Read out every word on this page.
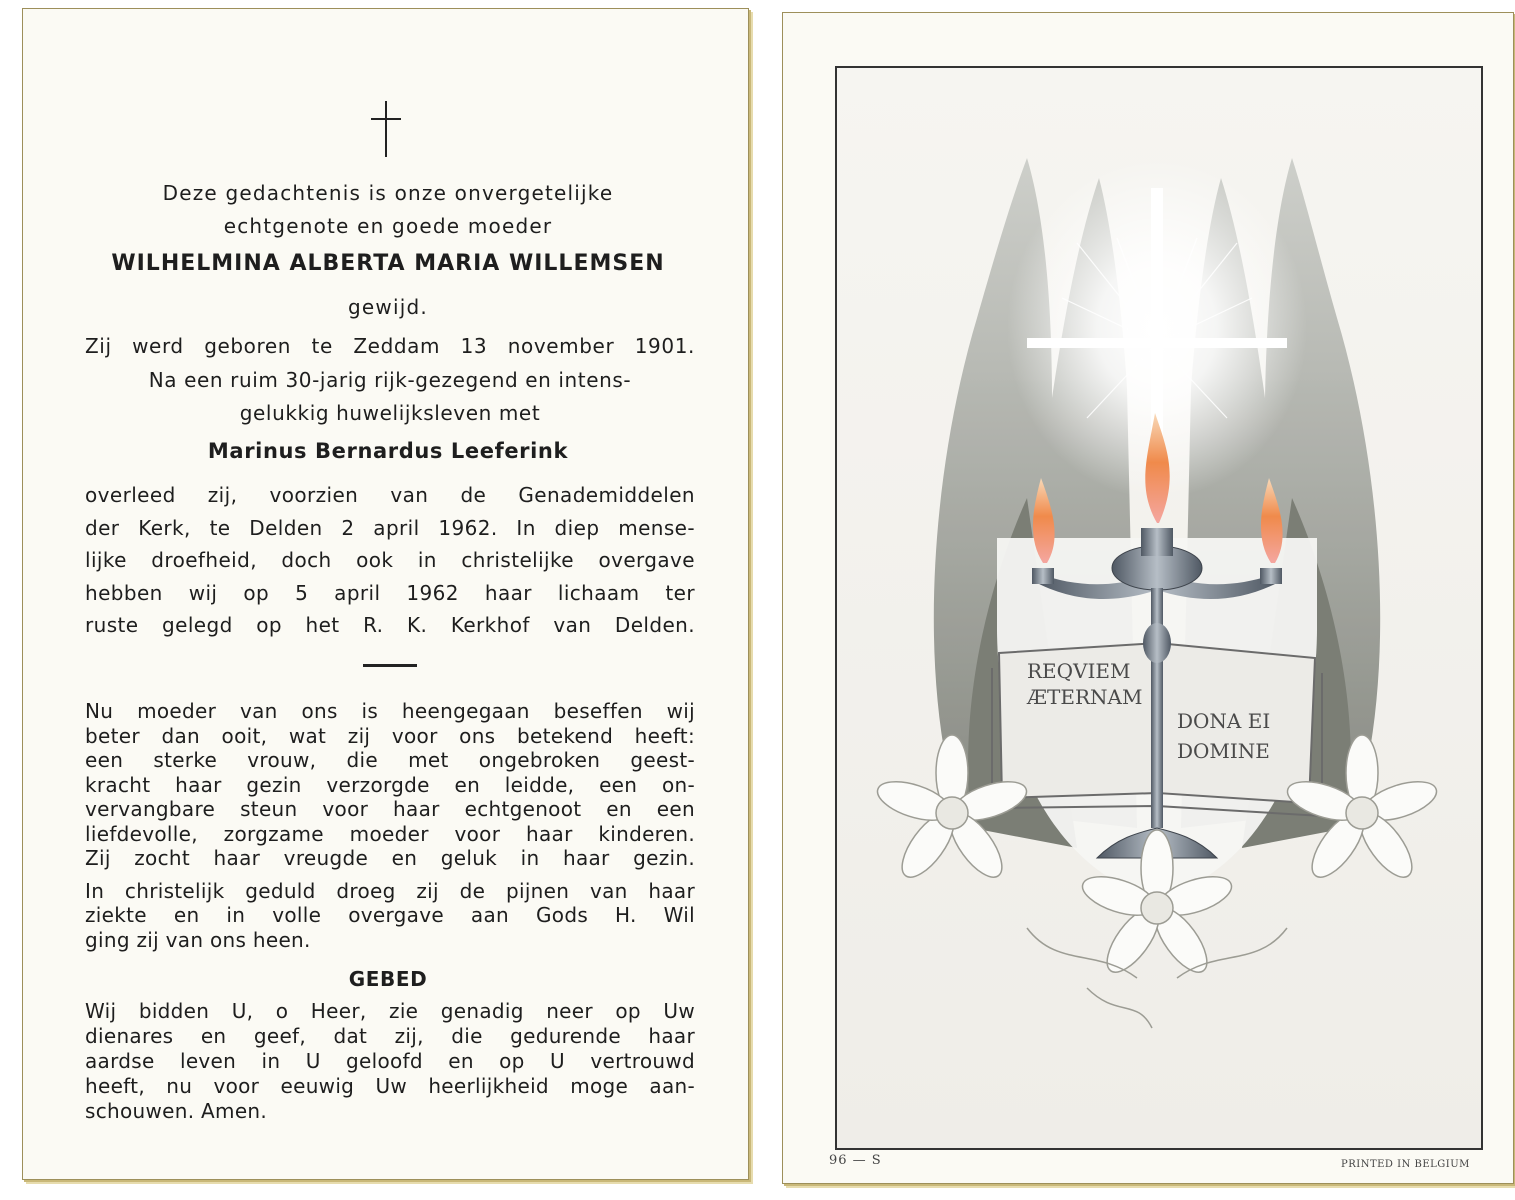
Deze gedachtenis is onze onvergetelijke
echtgenote en goede moeder
WILHELMINA ALBERTA MARIA WILLEMSEN
gewijd.
Zij werd geboren te Zeddam 13 november 1901.
Na een ruim 30-jarig rijk-gezegend en intens-
gelukkig huwelijksleven met
Marinus Bernardus Leeferink
overleed zij, voorzien van de Genademiddelen
der Kerk, te Delden 2 april 1962. In diep mense-
lijke droefheid, doch ook in christelijke overgave
hebben wij op 5 april 1962 haar lichaam ter
ruste gelegd op het R. K. Kerkhof van Delden.
Nu moeder van ons is heengegaan beseffen wij
beter dan ooit, wat zij voor ons betekend heeft:
een sterke vrouw, die met ongebroken geest-
kracht haar gezin verzorgde en leidde, een on-
vervangbare steun voor haar echtgenoot en een
liefdevolle, zorgzame moeder voor haar kinderen.
Zij zocht haar vreugde en geluk in haar gezin.
In christelijk geduld droeg zij de pijnen van haar
ziekte en in volle overgave aan Gods H. Wil
ging zij van ons heen.
GEBED
Wij bidden U, o Heer, zie genadig neer op Uw
dienares en geef, dat zij, die gedurende haar
aardse leven in U geloofd en op U vertrouwd
heeft, nu voor eeuwig Uw heerlijkheid moge aan-
schouwen. Amen.
REQVIEM
ÆTERNAM
DONA EI
DOMINE
96 — S	PRINTED IN BELGIUM
